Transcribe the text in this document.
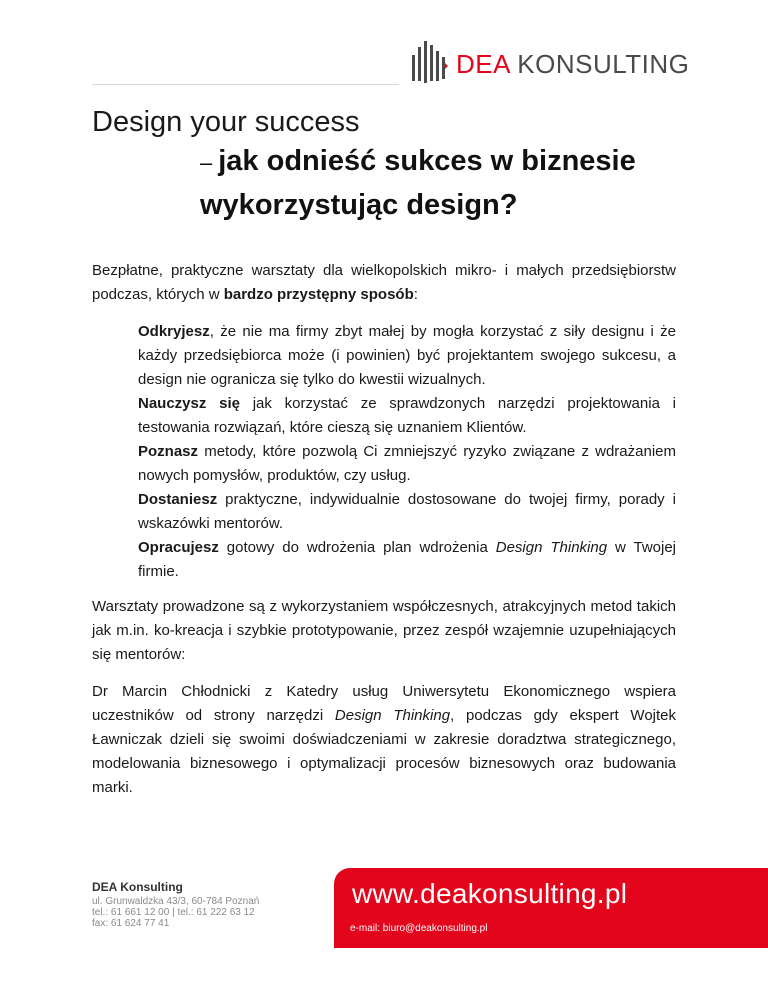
DEA KONSULTING
Design your success
– jak odnieść sukces w biznesie wykorzystując design?
Bezpłatne, praktyczne warsztaty dla wielkopolskich mikro- i małych przedsiębiorstw podczas, których w bardzo przystępny sposób:
Odkryjesz, że nie ma firmy zbyt małej by mogła korzystać z siły designu i że każdy przedsiębiorca może (i powinien) być projektantem swojego sukcesu, a design nie ogranicza się tylko do kwestii wizualnych.
Nauczysz się jak korzystać ze sprawdzonych narzędzi projektowania i testowania rozwiązań, które cieszą się uznaniem Klientów.
Poznasz metody, które pozwolą Ci zmniejszyć ryzyko związane z wdrażaniem nowych pomysłów, produktów, czy usług.
Dostaniesz praktyczne, indywidualnie dostosowane do twojej firmy, porady i wskazówki mentorów.
Opracujesz gotowy do wdrożenia plan wdrożenia Design Thinking w Twojej firmie.
Warsztaty prowadzone są z wykorzystaniem współczesnych, atrakcyjnych metod takich jak m.in. ko-kreacja i szybkie prototypowanie, przez zespół wzajemnie uzupełniających się mentorów:
Dr Marcin Chłodnicki z Katedry usług Uniwersytetu Ekonomicznego wspiera uczestników od strony narzędzi Design Thinking, podczas gdy ekspert Wojtek Ławniczak dzieli się swoimi doświadczeniami w zakresie doradztwa strategicznego, modelowania biznesowego i optymalizacji procesów biznesowych oraz budowania marki.
DEA Konsulting
ul. Grunwaldzka 43/3, 60-784 Poznań
tel.: 61 661 12 00 | tel.: 61 222 63 12
fax: 61 624 77 41
www.deakonsulting.pl
e-mail: biuro@deakonsulting.pl
